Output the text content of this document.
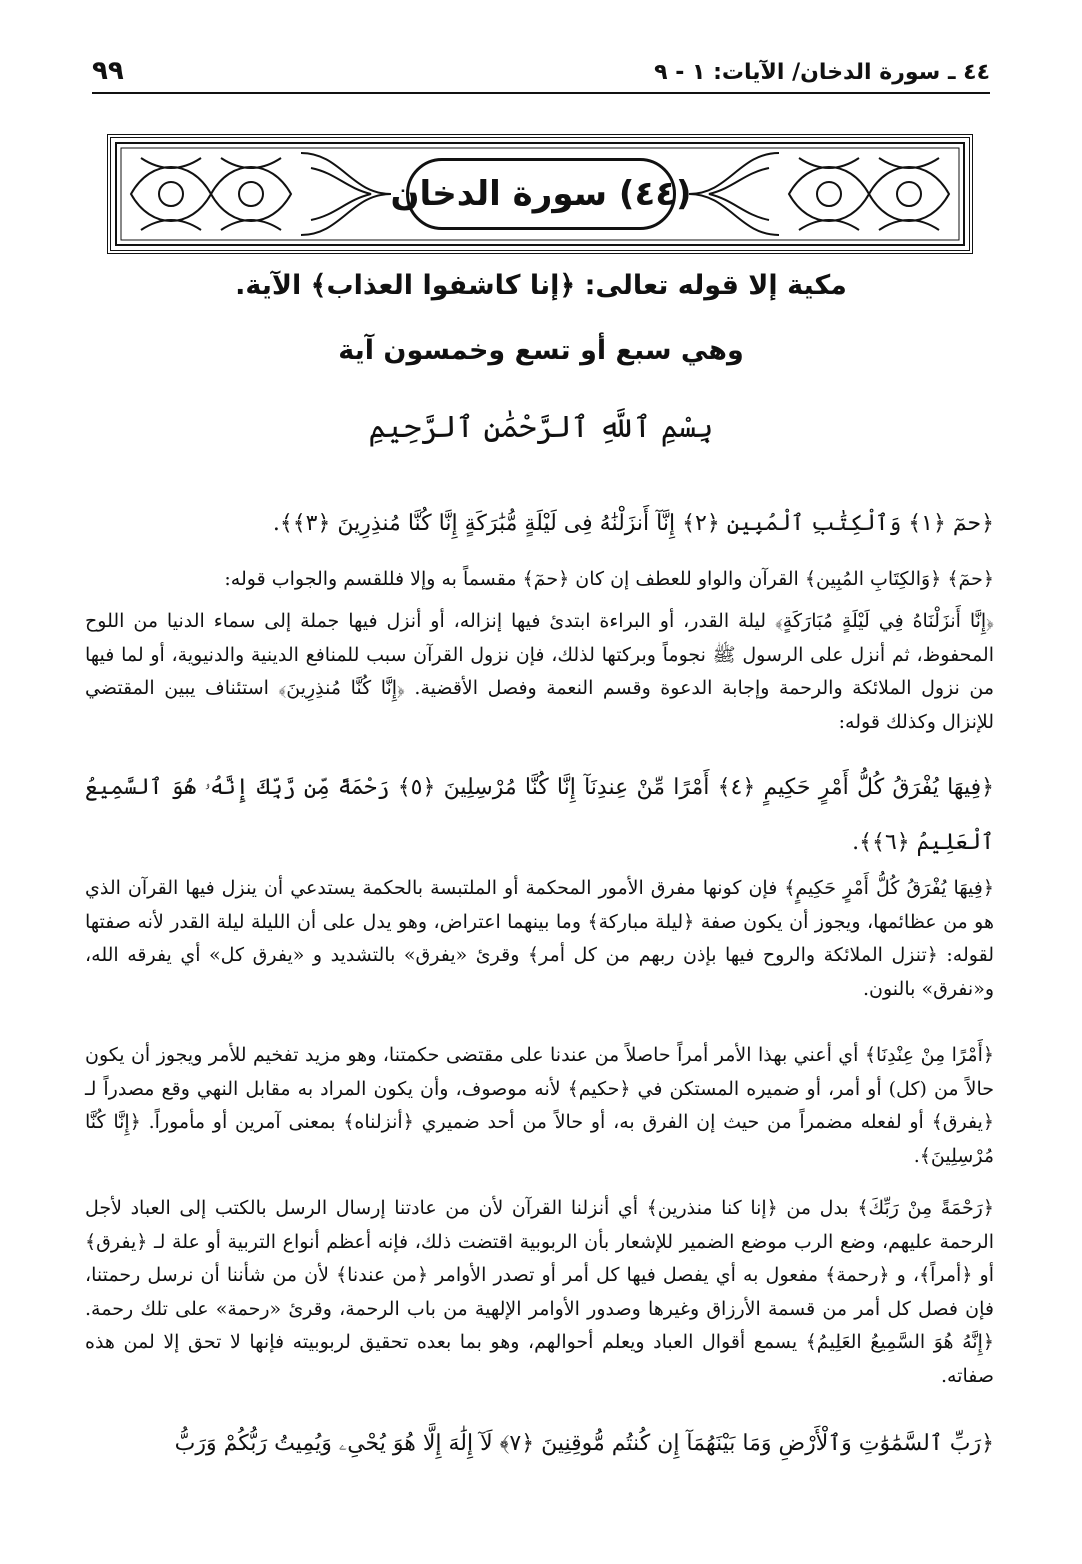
٤٤ ـ سورة الدخان/ الآيات: ١ - ٩
٩٩
(٤٤) سورة الدخان
مكية إلا قوله تعالى: ﴿إنا كاشفوا العذاب﴾ الآية.
وهي سبع أو تسع وخمسون آية
بِسْمِ ٱللَّهِ ٱلرَّحْمَٰنِ ٱلرَّحِيمِ
﴿حمٓ ﴿١﴾ وَٱلْكِتَٰبِ ٱلْمُبِينِ ﴿٢﴾ إِنَّآ أَنزَلْنَٰهُ فِى لَيْلَةٍ مُّبَٰرَكَةٍ إِنَّا كُنَّا مُنذِرِينَ ﴿٣﴾﴾.
﴿حمٓ﴾ ﴿وَالكِتَابِ المُبِين﴾ القرآن والواو للعطف إن كان ﴿حمٓ﴾ مقسماً به وإلا فللقسم والجواب قوله:
﴿إِنَّا أَنزَلْنَاهُ فِي لَيْلَةٍ مُبَارَكَةٍ﴾ ليلة القدر، أو البراءة ابتدئ فيها إنزاله، أو أنزل فيها جملة إلى سماء الدنيا من اللوح المحفوظ، ثم أنزل على الرسول ﷺ نجوماً وبركتها لذلك، فإن نزول القرآن سبب للمنافع الدينية والدنيوية، أو لما فيها من نزول الملائكة والرحمة وإجابة الدعوة وقسم النعمة وفصل الأقضية. ﴿إِنَّا كُنَّا مُنذِرِينَ﴾ استئناف يبين المقتضي للإنزال وكذلك قوله:
﴿فِيهَا يُفْرَقُ كُلُّ أَمْرٍ حَكِيمٍ ﴿٤﴾ أَمْرًا مِّنْ عِندِنَآ إِنَّا كُنَّا مُرْسِلِينَ ﴿٥﴾ رَحْمَةً مِّن رَّبِّكَ إِنَّهُۥ هُوَ ٱلسَّمِيعُ ٱلْعَلِيمُ ﴿٦﴾﴾.
﴿فِيهَا يُفْرَقُ كُلُّ أَمْرٍ حَكِيمٍ﴾ فإن كونها مفرق الأمور المحكمة أو الملتبسة بالحكمة يستدعي أن ينزل فيها القرآن الذي هو من عظائمها، ويجوز أن يكون صفة ﴿ليلة مباركة﴾ وما بينهما اعتراض، وهو يدل على أن الليلة ليلة القدر لأنه صفتها لقوله: ﴿تنزل الملائكة والروح فيها بإذن ربهم من كل أمر﴾ وقرئ «يفرق» بالتشديد و «يفرق كل» أي يفرقه الله، و«نفرق» بالنون.
﴿أَمْرًا مِنْ عِنْدِنَا﴾ أي أعني بهذا الأمر أمراً حاصلاً من عندنا على مقتضى حكمتنا، وهو مزيد تفخيم للأمر ويجوز أن يكون حالاً من (كل) أو أمر، أو ضميره المستكن في ﴿حكيم﴾ لأنه موصوف، وأن يكون المراد به مقابل النهي وقع مصدراً لـ ﴿يفرق﴾ أو لفعله مضمراً من حيث إن الفرق به، أو حالاً من أحد ضميري ﴿أنزلناه﴾ بمعنى آمرين أو مأموراً. ﴿إِنَّا كُنَّا مُرْسِلِينَ﴾.
﴿رَحْمَةً مِنْ رَبِّكَ﴾ بدل من ﴿إنا كنا منذرين﴾ أي أنزلنا القرآن لأن من عادتنا إرسال الرسل بالكتب إلى العباد لأجل الرحمة عليهم، وضع الرب موضع الضمير للإشعار بأن الربوبية اقتضت ذلك، فإنه أعظم أنواع التربية أو علة لـ ﴿يفرق﴾ أو ﴿أمراً﴾، و ﴿رحمة﴾ مفعول به أي يفصل فيها كل أمر أو تصدر الأوامر ﴿من عندنا﴾ لأن من شأننا أن نرسل رحمتنا، فإن فصل كل أمر من قسمة الأرزاق وغيرها وصدور الأوامر الإلهية من باب الرحمة، وقرئ «رحمة» على تلك رحمة. ﴿إِنَّهُ هُوَ السَّمِيعُ العَلِيمُ﴾ يسمع أقوال العباد ويعلم أحوالهم، وهو بما بعده تحقيق لربوبيته فإنها لا تحق إلا لمن هذه صفاته.
﴿رَبِّ ٱلسَّمَٰوَٰتِ وَٱلْأَرْضِ وَمَا بَيْنَهُمَآ إِن كُنتُم مُّوقِنِينَ ﴿٧﴾ لَآ إِلَٰهَ إِلَّا هُوَ يُحْىِۦ وَيُمِيتُ رَبُّكُمْ وَرَبُّ
